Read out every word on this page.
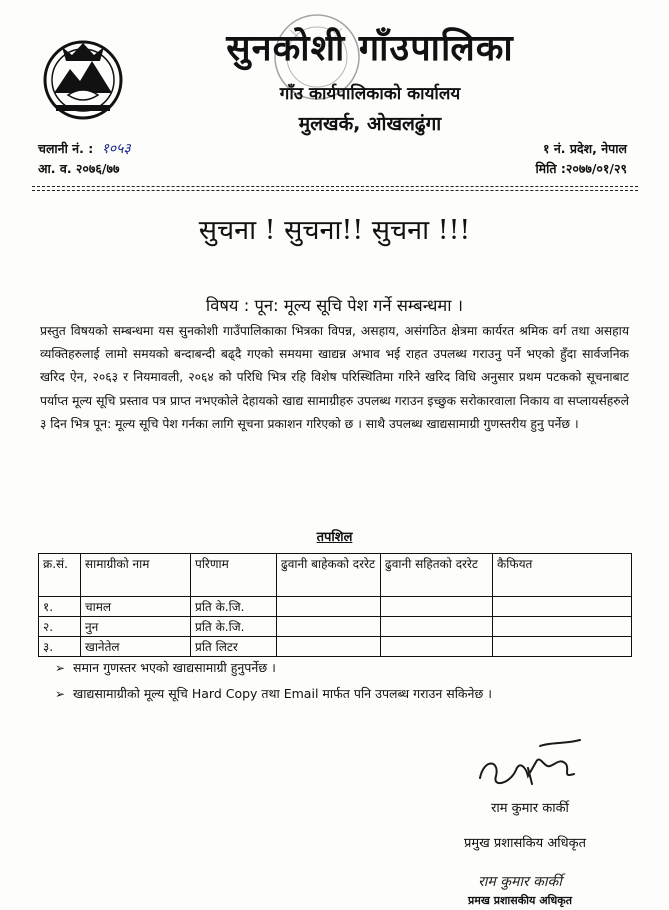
सुनकोशी गाँउपालिका
गाँउ कार्यपालिकाको कार्यालय
मुलखर्क, ओखलढुंगा
चलानी नं. : १०५३
आ. व. २०७६/७७
१ नं. प्रदेश, नेपाल
मिति :२०७७/०१/२९
सुचना ! सुचना!! सुचना !!!
विषय : पून: मूल्य सूचि पेश गर्ने सम्बन्धमा ।
प्रस्तुत विषयको सम्बन्धमा यस सुनकोशी गाउँपालिकाका भित्रका विपन्न, असहाय, असंगठित क्षेत्रमा कार्यरत श्रमिक वर्ग तथा असहाय व्यक्तिहरुलाई लामो समयको बन्दाबन्दी बढ्दै गएको समयमा खाद्यन्न अभाव भई राहत उपलब्ध गराउनु पर्ने भएको हुँदा सार्वजनिक खरिद ऐन, २०६३ र नियमावली, २०६४ को परिधि भित्र रहि विशेष परिस्थितिमा गरिने खरिद विधि अनुसार प्रथम पटकको सूचनाबाट पर्याप्त मूल्य सूचि प्रस्ताव पत्र प्राप्त नभएकोले देहायको खाद्य सामाग्रीहरु उपलब्ध गराउन इच्छुक सरोकारवाला निकाय वा सप्लायर्सहरुले ३ दिन भित्र पून: मूल्य सूचि पेश गर्नका लागि सूचना प्रकाशन गरिएको छ । साथै उपलब्ध खाद्यसामाग्री गुणस्तरीय हुनु पर्नेछ ।
तपशिल
क्र.सं.	सामाग्रीको नाम	परिणाम	ढुवानी बाहेकको दररेट	ढुवानी सहितको दररेट	कैफियत
१.	चामल	प्रति के.जि.			
२.	नुन	प्रति के.जि.			
३.	खानेतेल	प्रति लिटर			
➢ समान गुणस्तर भएको खाद्यसामाग्री हुनुपर्नेछ ।
➢ खाद्यसामाग्रीको मूल्य सूचि Hard Copy तथा Email मार्फत पनि उपलब्ध गराउन सकिनेछ ।
राम कुमार कार्की
प्रमुख प्रशासकिय अधिकृत
राम कुमार कार्की
प्रमख प्रशासकीय अधिकृत
